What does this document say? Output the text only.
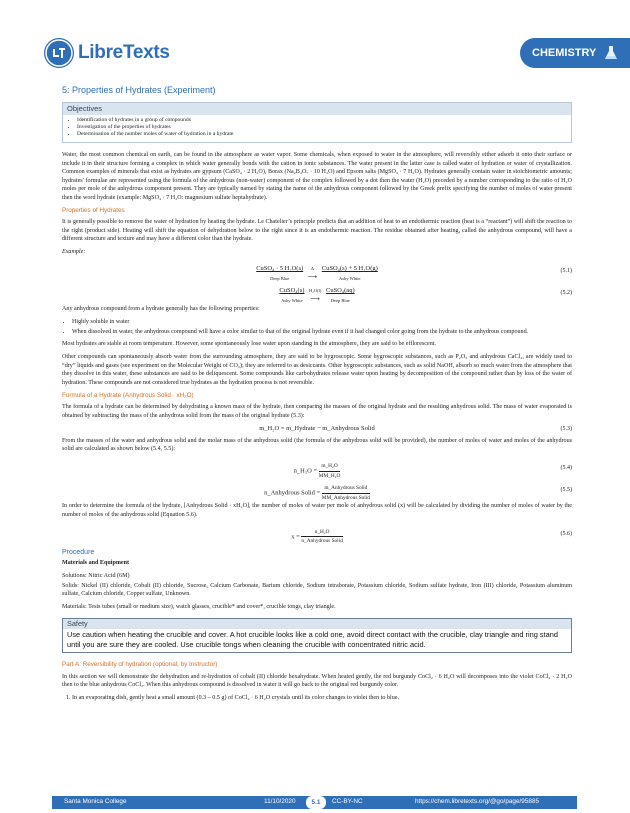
LibreTexts	CHEMISTRY
5: Properties of Hydrates (Experiment)
Objectives
• Identification of hydrates in a group of compounds
• Investigation of the properties of hydrates
• Determination of the number moles of water of hydration in a hydrate

Water, the most common chemical on earth, can be found in the atmosphere as water vapor. Some chemicals, when exposed to water in the atmosphere, will reversibly either adsorb it onto their surface or include it in their structure forming a complex in which water generally bonds with the cation in ionic substances. The water present in the latter case is called water of hydration or water of crystallization. Common examples of minerals that exist as hydrates are gypsum (CaSO₄ · 2 H₂O), Borax (Na₂B₄O₇ · 10 H₂O) and Epsom salts (MgSO₄ · 7 H₂O). Hydrates generally contain water in stoichiometric amounts; hydrates' formulae are represented using the formula of the anhydrous (non-water) component of the complex followed by a dot then the water (H₂O) preceded by a number corresponding to the ratio of H₂O moles per mole of the anhydrous component present. They are typically named by stating the name of the anhydrous component followed by the Greek prefix specifying the number of moles of water present then the word hydrate (example: MgSO₄ · 7 H₂O: magnesium sulfate heptahydrate).

Properties of Hydrates

It is generally possible to remove the water of hydration by heating the hydrate. Le Chatelier’s principle predicts that an addition of heat to an endothermic reaction (heat is a “reactant”) will shift the reaction to the right (product side). Heating will shift the equation of dehydration below to the right since it is an endothermic reaction. The residue obtained after heating, called the anhydrous compound, will have a different structure and texture and may have a different color than the hydrate.

Example:

CuSO₄ · 5 H₂O(s)
Deep Blue

Δ
⟶ CuSO₄(s) + 5 H₂O(g)
Ashy White
(5.1)
CuSO₄(s)
Ashy White

H₂O(l)
⟶ CuSO₄(aq)
Deep Blue
(5.2)

Any anhydrous compound from a hydrate generally has the following properties:

• Highly soluble in water
• When dissolved in water, the anhydrous compound will have a color similar to that of the original hydrate even if it had changed color going from the hydrate to the anhydrous compound.

Most hydrates are stable at room temperature. However, some spontaneously lose water upon standing in the atmosphere, they are said to be efflorescent.

Other compounds can spontaneously absorb water from the surrounding atmosphere, they are said to be hygroscopic. Some hygroscopic substances, such as P₂O₅ and anhydrous CaCl₂, are widely used to “dry” liquids and gases (see experiment on the Molecular Weight of CO₂); they are referred to as desiccants. Other hygroscopic substances, such as solid NaOH, absorb so much water from the atmosphere that they dissolve in this water, these substances are said to be deliquescent. Some compounds like carbohydrates release water upon heating by decomposition of the compound rather than by loss of the water of hydration. These compounds are not considered true hydrates as the hydration process is not reversible.

Formula of a Hydrate (Anhydrous Solid · xH₂O)

The formula of a hydrate can be determined by dehydrating a known mass of the hydrate, then comparing the masses of the original hydrate and the resulting anhydrous solid. The mass of water evaporated is obtained by subtracting the mass of the anhydrous solid from the mass of the original hydrate (5.3):

m_H₂O = m_Hydrate − m_Anhydrous Solid	(5.3)

From the masses of the water and anhydrous solid and the molar mass of the anhydrous solid (the formula of the anhydrous solid will be provided), the number of moles of water and moles of the anhydrous solid are calculated as shown below (5.4, 5.5):

n_H₂O = $\frac{\text{m\_H₂O}}{\text{MM\_H₂O}}$	(5.4)
n_Anhydrous Solid =
m_Anhydrous Solid
MM_Anhydrous Solid
(5.5)

In order to determine the formula of the hydrate, [Anhydrous Solid · xH₂O], the number of moles of water per mole of anhydrous solid (x) will be calculated by dividing the number of moles of water by the number of moles of the anhydrous solid (Equation 5.6).

x =
n_H₂O
n_Anhydrous Solid
(5.6)
Procedure

Materials and Equipment

Solutions: Nitric Acid (6M)

Solids: Nickel (II) chloride, Cobalt (II) chloride, Sucrose, Calcium Carbonate, Barium chloride, Sodium tetraborate, Potassium chloride, Sodium sulfate hydrate, Iron (III) chloride, Potassium aluminum sulfate, Calcium chloride, Copper sulfate, Unknown.

Materials: Tests tubes (small or medium size), watch glasses, crucible* and cover*, crucible tongs, clay triangle.

Safety
Use caution when heating the crucible and cover. A hot crucible looks like a cold one, avoid direct contact with the crucible, clay triangle and ring stand until you are sure they are cooled. Use crucible tongs when cleaning the crucible with concentrated nitric acid.
Part A: Reversibility of hydration (optional, by Instructor)

In this section we will demonstrate the dehydration and re-hydration of cobalt (II) chloride hexahydrate. When heated gently, the red burgundy CoCl₂ · 6 H₂O will decomposes into the violet CoCl₂ · 2 H₂O then to the blue anhydrous CoCl₂. When this anhydrous compound is dissolved in water it will go back to the original red burgundy color.

1. In an evaporating dish, gently heat a small amount (0.3 – 0.5 g) of CoCl₂ · 6 H₂O crystals until its color changes to violet then to blue.
Santa Monica College	11/10/2020	5.1	CC-BY-NC	https://chem.libretexts.org/@go/page/95885
